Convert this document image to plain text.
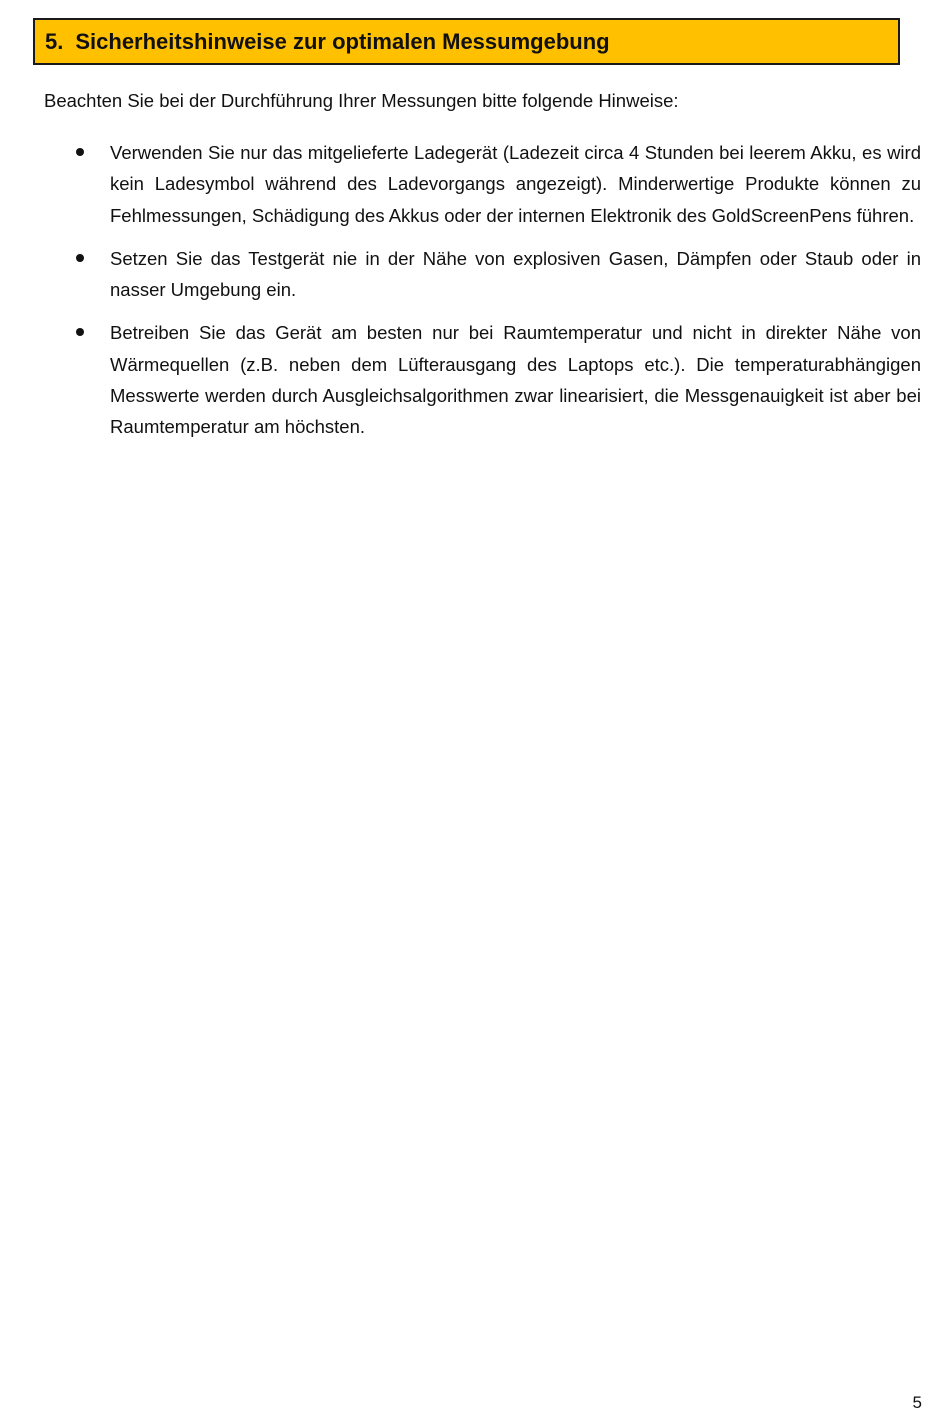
5. Sicherheitshinweise zur optimalen Messumgebung
Beachten Sie bei der Durchführung Ihrer Messungen bitte folgende Hinweise:
Verwenden Sie nur das mitgelieferte Ladegerät (Ladezeit circa 4 Stunden bei leerem Akku, es wird kein Ladesymbol während des Ladevorgangs angezeigt). Minderwertige Produkte können zu Fehlmessungen, Schädigung des Akkus oder der internen Elektronik des GoldScreenPens führen.
Setzen Sie das Testgerät nie in der Nähe von explosiven Gasen, Dämpfen oder Staub oder in nasser Umgebung ein.
Betreiben Sie das Gerät am besten nur bei Raumtemperatur und nicht in direkter Nähe von Wärmequellen (z.B. neben dem Lüfterausgang des Laptops etc.). Die temperaturabhängigen Messwerte werden durch Ausgleichsalgorithmen zwar linearisiert, die Messgenauigkeit ist aber bei Raumtemperatur am höchsten.
5
